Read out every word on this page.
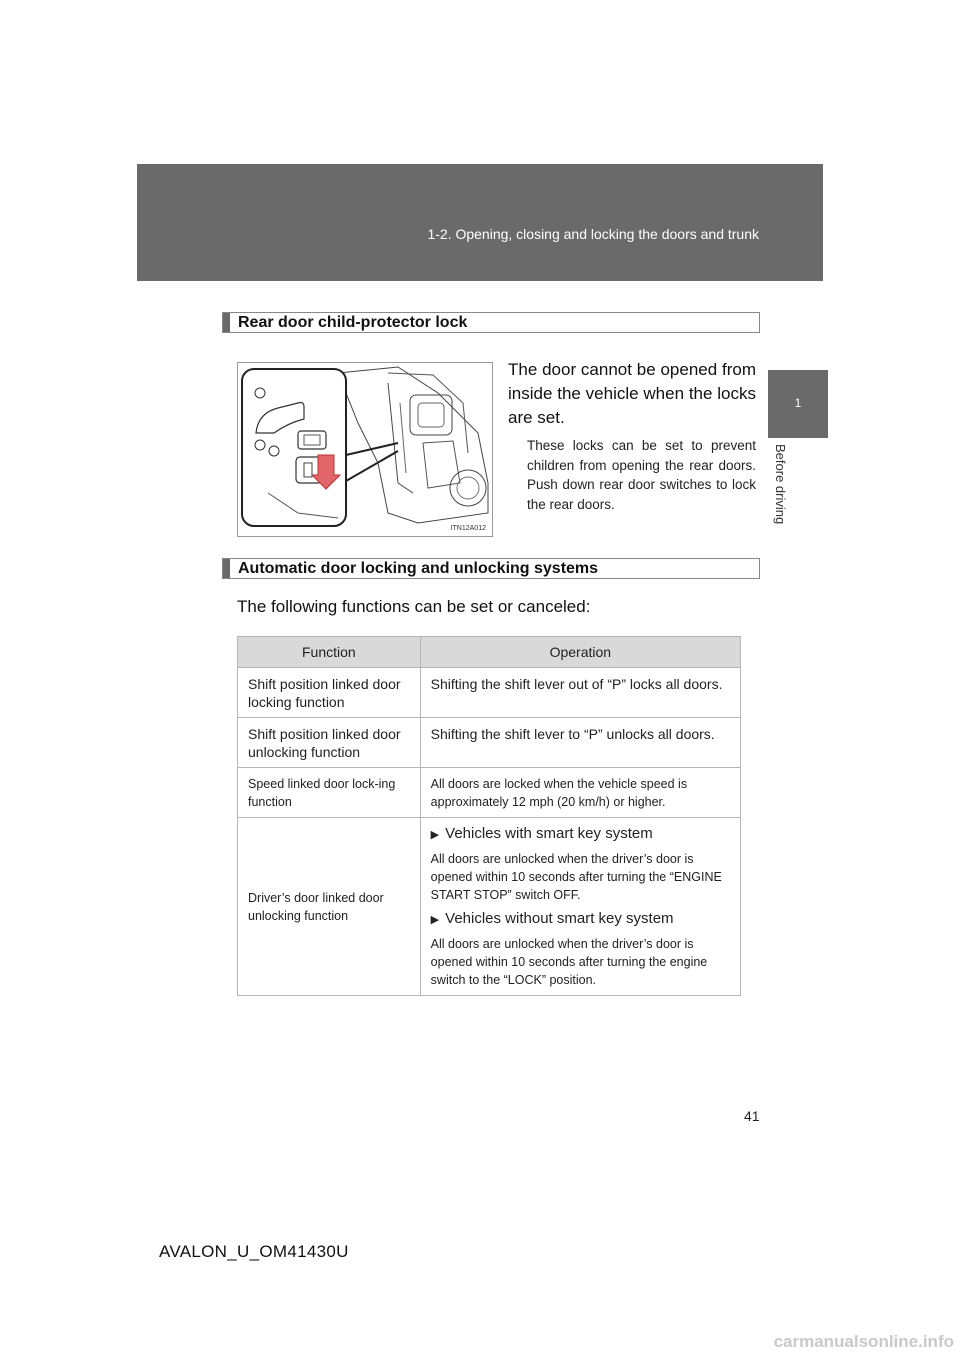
1-2. Opening, closing and locking the doors and trunk
1
Before driving
Rear door child-protector lock
ITN12A012
The door cannot be opened from inside the vehicle when the locks are set.
These locks can be set to prevent children from opening the rear doors. Push down rear door switches to lock the rear doors.
Automatic door locking and unlocking systems
The following functions can be set or canceled:
Function	Operation
Shift position linked door locking function	Shifting the shift lever out of “P” locks all doors.
Shift position linked door unlocking function	Shifting the shift lever to “P” unlocks all doors.
Speed linked door lock-ing function	All doors are locked when the vehicle speed is approximately 12 mph (20 km/h) or higher.
Driver’s door linked door unlocking function	▶ Vehicles with smart key system
All doors are unlocked when the driver’s door is opened within 10 seconds after turning the “ENGINE START STOP” switch OFF.
▶ Vehicles without smart key system
All doors are unlocked when the driver’s door is opened within 10 seconds after turning the engine switch to the “LOCK” position.
41
AVALON_U_OM41430U
carmanualsonline.info
